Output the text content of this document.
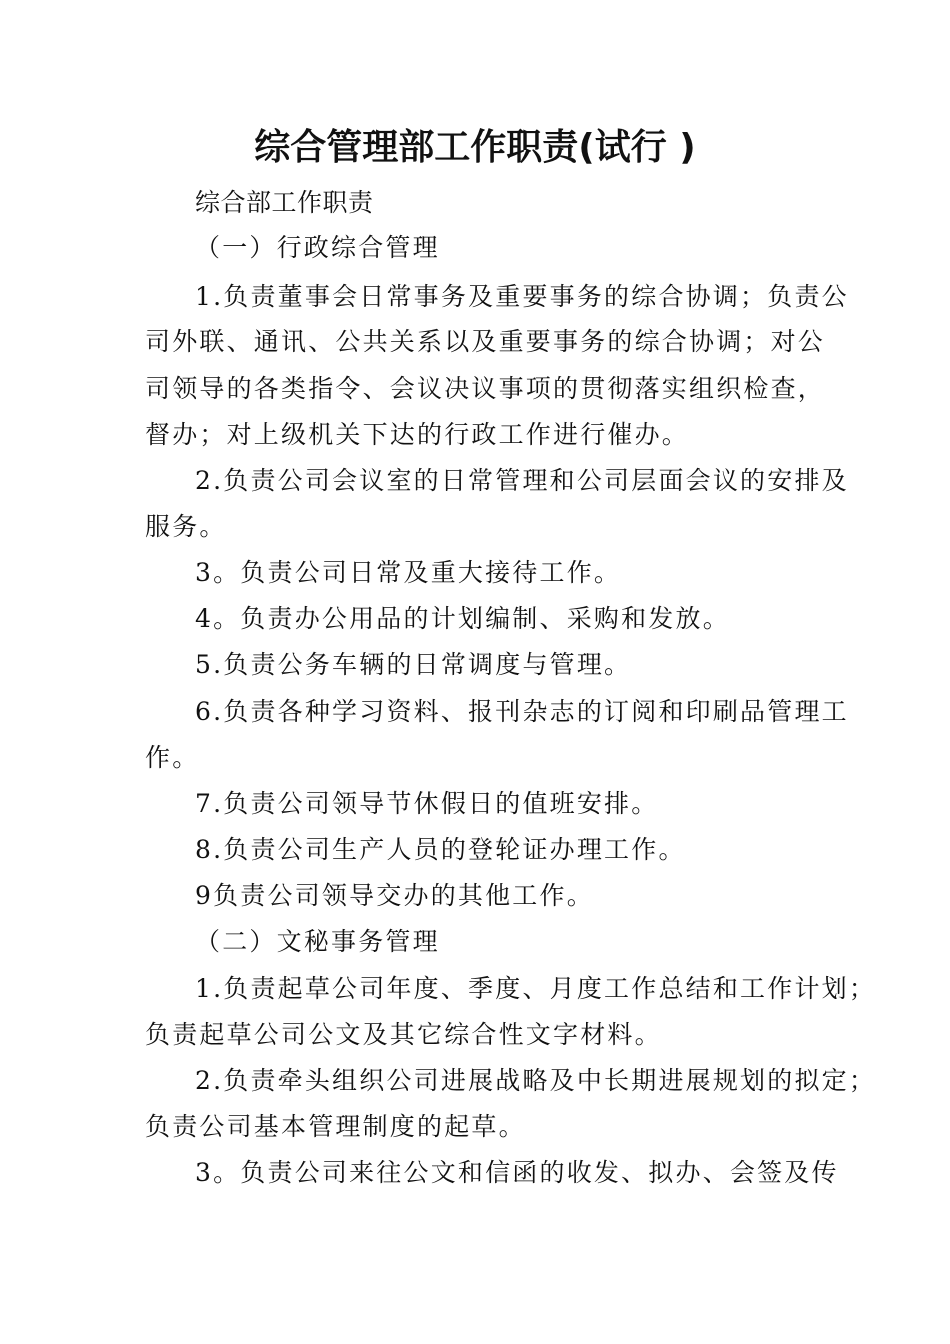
综合管理部工作职责(试行 )
综合部工作职责
（一）行政综合管理
1.负责董事会日常事务及重要事务的综合协调；负责公
司外联、通讯、公共关系以及重要事务的综合协调；对公
司领导的各类指令、会议决议事项的贯彻落实组织检查，
督办；对上级机关下达的行政工作进行催办。
2.负责公司会议室的日常管理和公司层面会议的安排及
服务。
3。负责公司日常及重大接待工作。
4。负责办公用品的计划编制、采购和发放。
5.负责公务车辆的日常调度与管理。
6.负责各种学习资料、报刊杂志的订阅和印刷品管理工
作。
7.负责公司领导节休假日的值班安排。
8.负责公司生产人员的登轮证办理工作。
9负责公司领导交办的其他工作。
（二）文秘事务管理
1.负责起草公司年度、季度、月度工作总结和工作计划；
负责起草公司公文及其它综合性文字材料。
2.负责牵头组织公司进展战略及中长期进展规划的拟定；
负责公司基本管理制度的起草。
3。负责公司来往公文和信函的收发、拟办、会签及传
